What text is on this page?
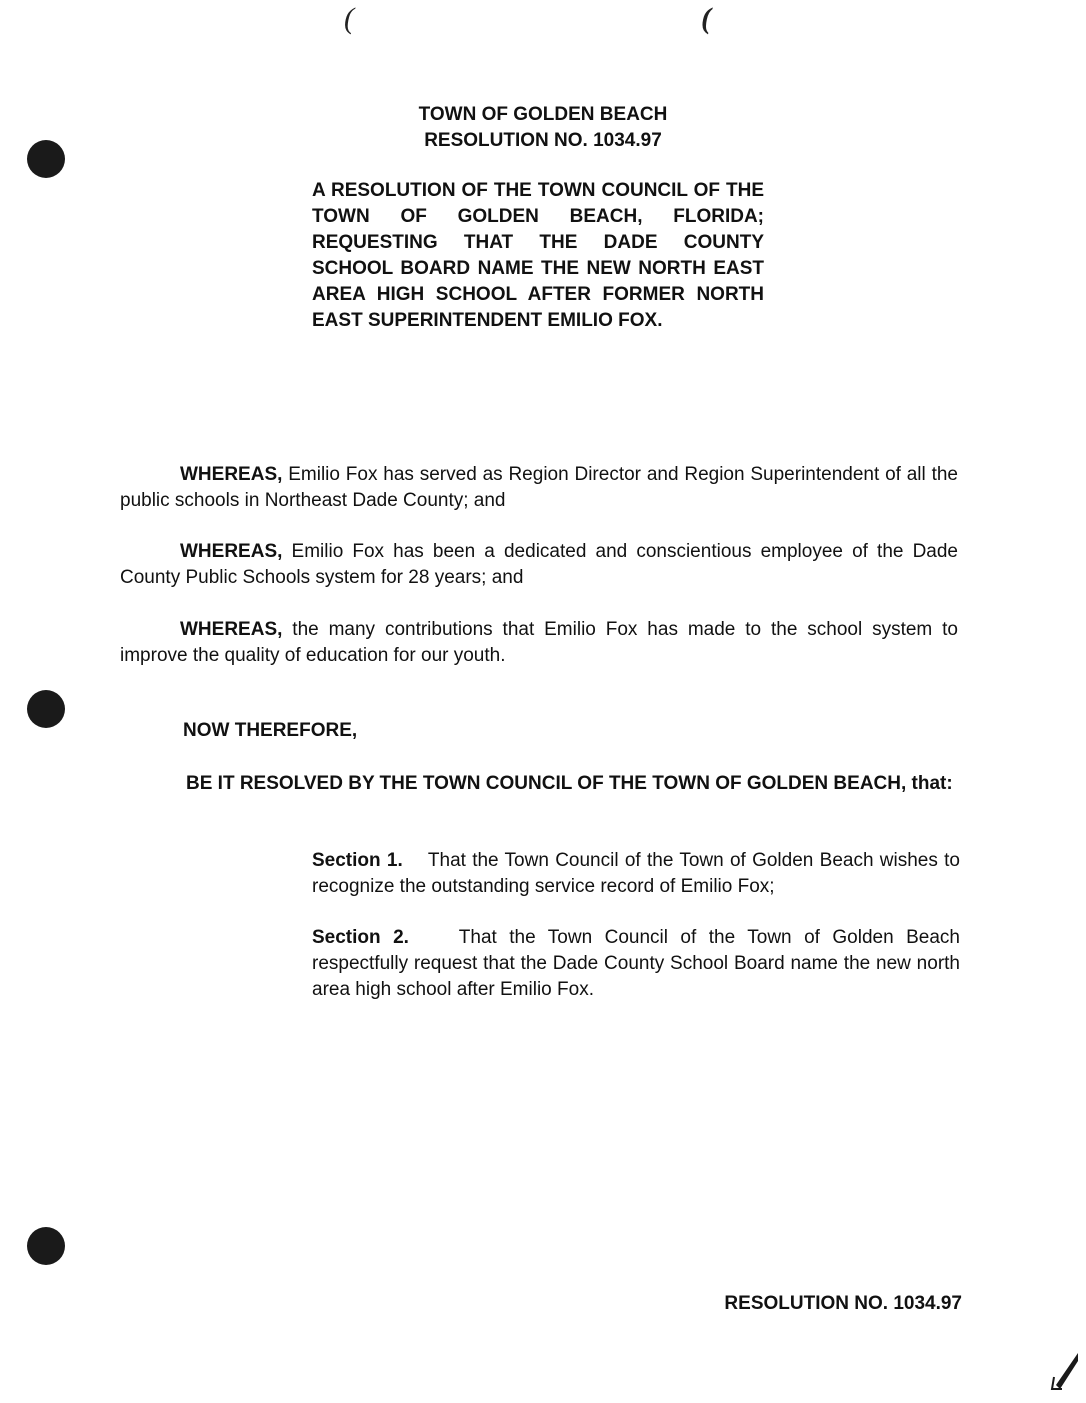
(	(
TOWN OF GOLDEN BEACH
RESOLUTION NO. 1034.97
A RESOLUTION OF THE TOWN COUNCIL OF THE TOWN OF GOLDEN BEACH, FLORIDA; REQUESTING THAT THE DADE COUNTY SCHOOL BOARD NAME THE NEW NORTH EAST AREA HIGH SCHOOL AFTER FORMER NORTH EAST SUPERINTENDENT EMILIO FOX.
WHEREAS, Emilio Fox has served as Region Director and Region Superintendent of all the public schools in Northeast Dade County; and
WHEREAS, Emilio Fox has been a dedicated and conscientious employee of the Dade County Public Schools system for 28 years; and
WHEREAS, the many contributions that Emilio Fox has made to the school system to improve the quality of education for our youth.
NOW THEREFORE,
BE IT RESOLVED BY THE TOWN COUNCIL OF THE TOWN OF GOLDEN BEACH, that:
Section 1. That the Town Council of the Town of Golden Beach wishes to recognize the outstanding service record of Emilio Fox;
Section 2.	That the Town Council of the Town of Golden Beach respectfully request that the Dade County School Board name the new north area high school after Emilio Fox.
RESOLUTION NO. 1034.97
